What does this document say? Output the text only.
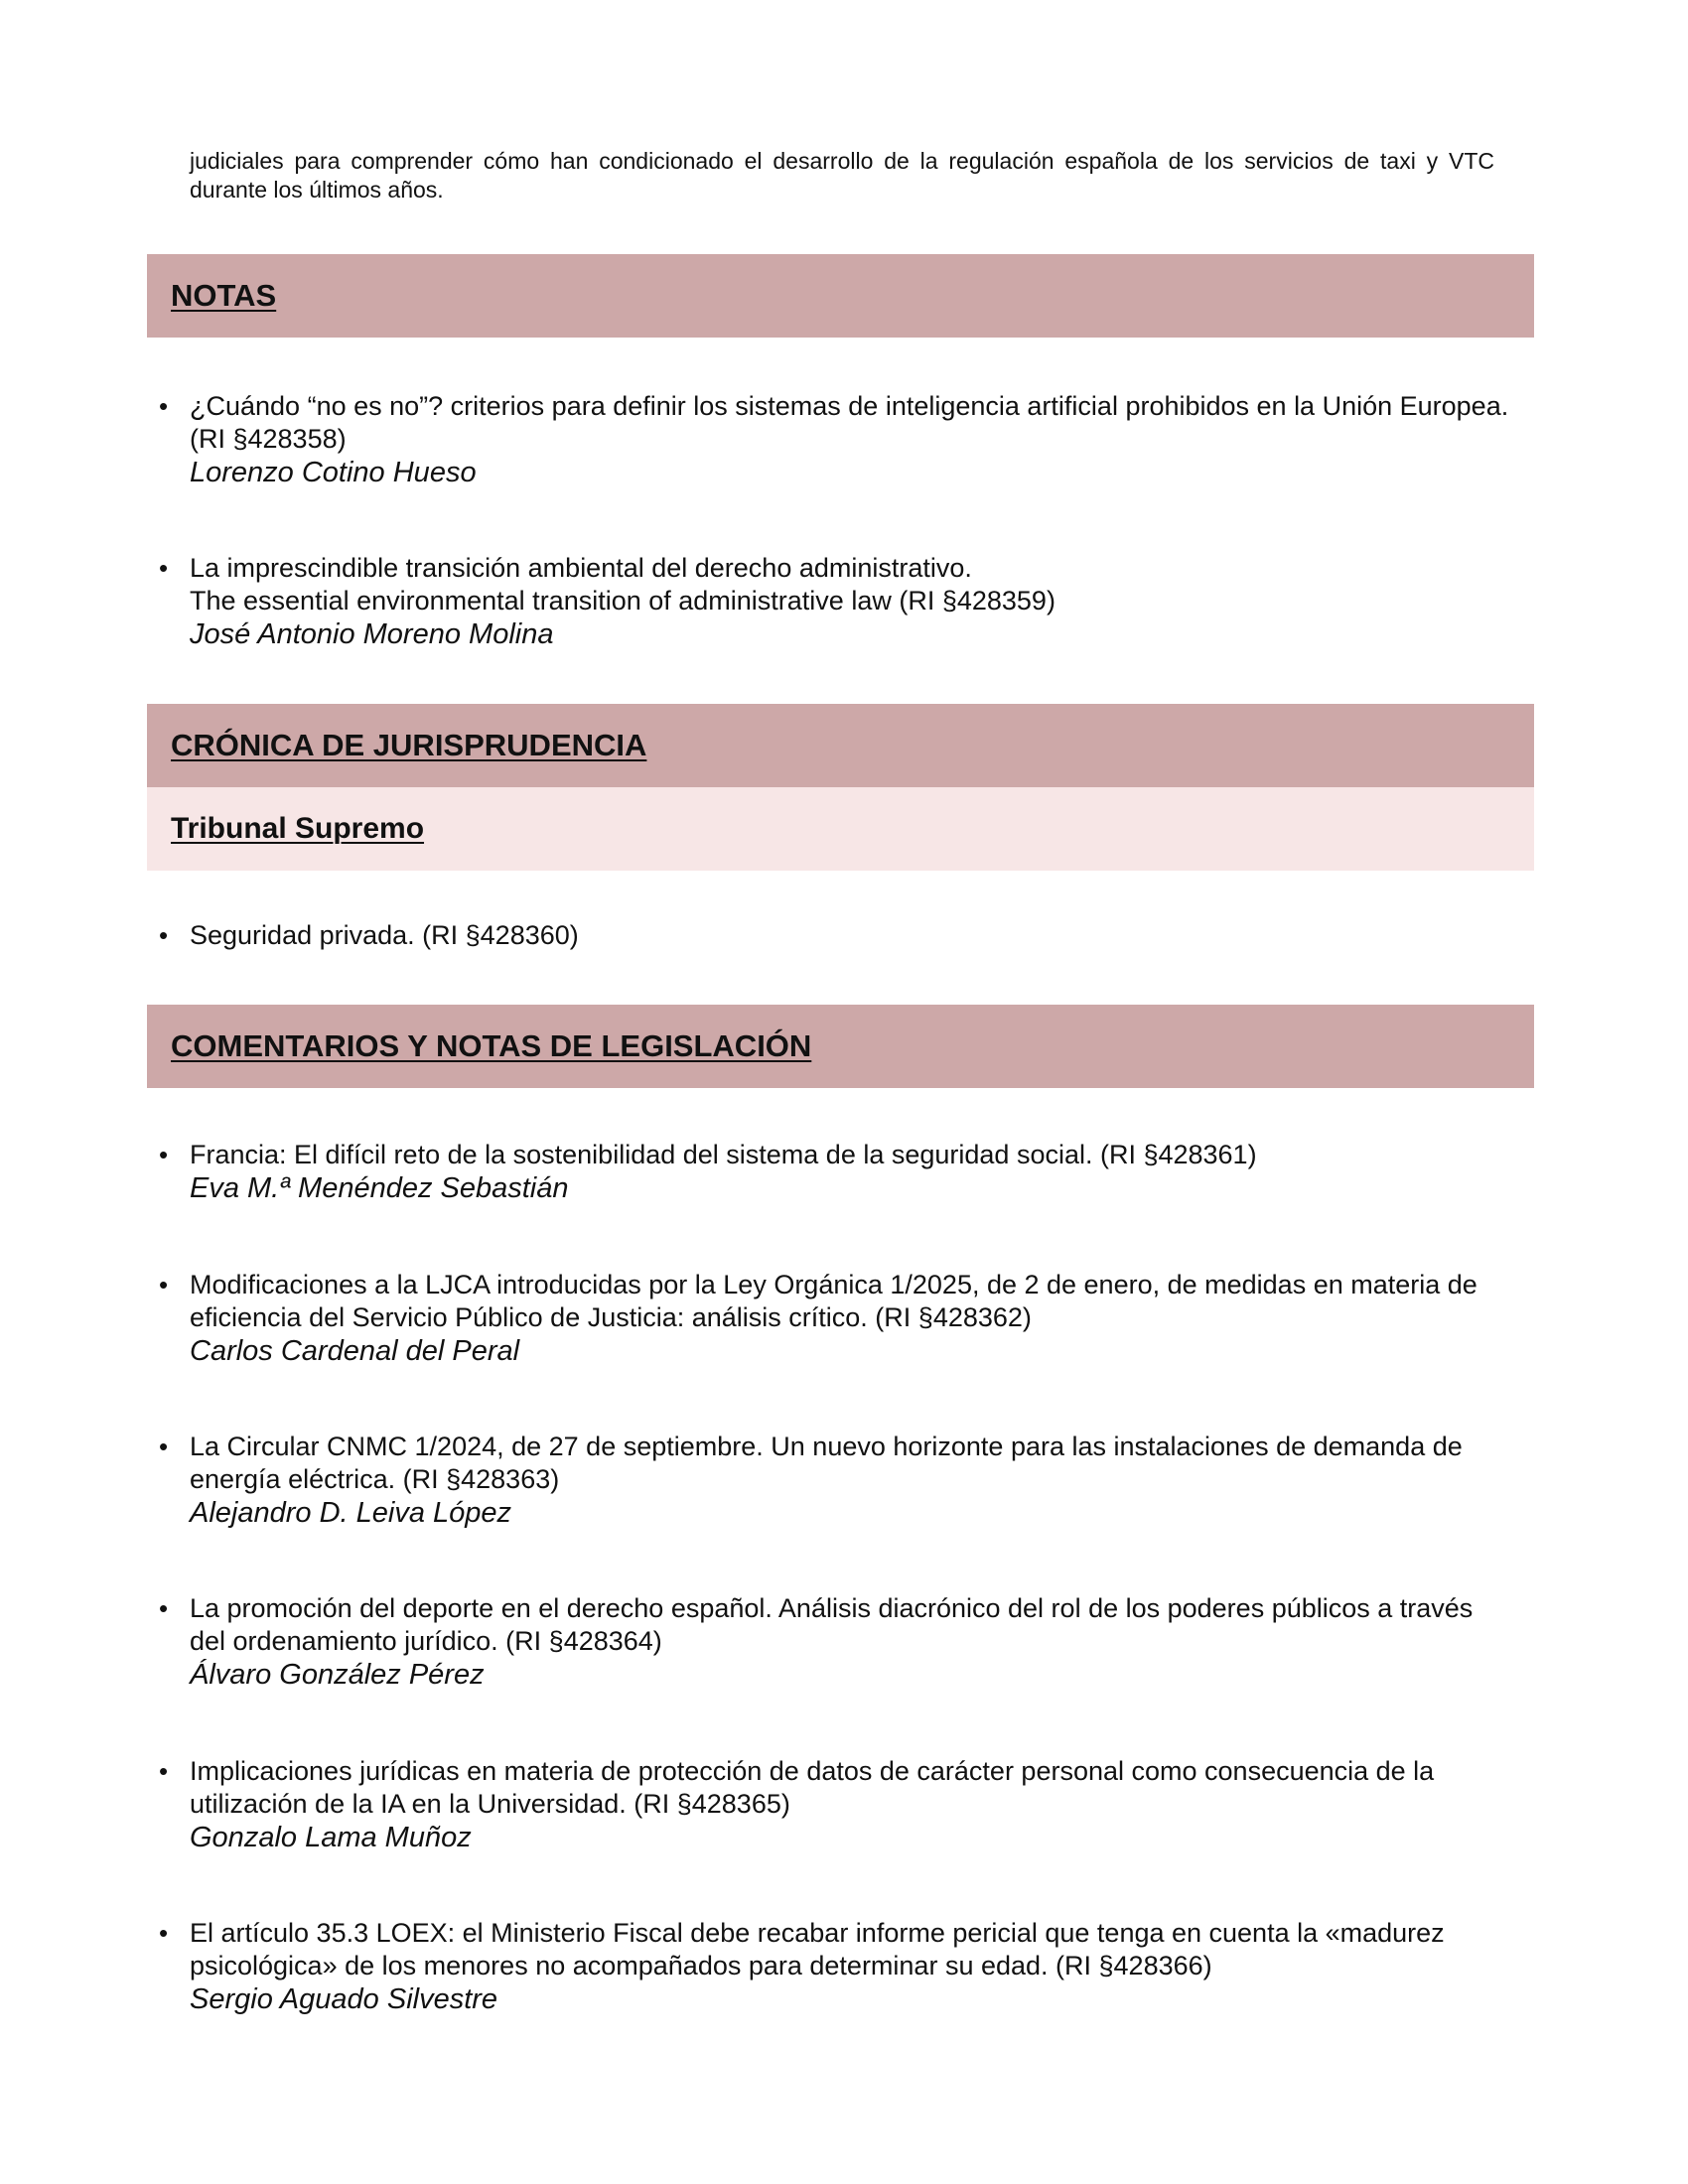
judiciales para comprender cómo han condicionado el desarrollo de la regulación española de los servicios de taxi y VTC durante los últimos años.

NOTAS
• ¿Cuándo “no es no”? criterios para definir los sistemas de inteligencia artificial prohibidos en la Unión Europea. (RI §428358)
Lorenzo Cotino Hueso
• La imprescindible transición ambiental del derecho administrativo.
The essential environmental transition of administrative law (RI §428359)
José Antonio Moreno Molina
CRÓNICA DE JURISPRUDENCIA
Tribunal Supremo
• Seguridad privada. (RI §428360)
COMENTARIOS Y NOTAS DE LEGISLACIÓN
• Francia: El difícil reto de la sostenibilidad del sistema de la seguridad social. (RI §428361)
Eva M.ª Menéndez Sebastián
• Modificaciones a la LJCA introducidas por la Ley Orgánica 1/2025, de 2 de enero, de medidas en materia de eficiencia del Servicio Público de Justicia: análisis crítico. (RI §428362)
Carlos Cardenal del Peral
• La Circular CNMC 1/2024, de 27 de septiembre. Un nuevo horizonte para las instalaciones de demanda de energía eléctrica. (RI §428363)
Alejandro D. Leiva López
• La promoción del deporte en el derecho español. Análisis diacrónico del rol de los poderes públicos a través del ordenamiento jurídico. (RI §428364)
Álvaro González Pérez
• Implicaciones jurídicas en materia de protección de datos de carácter personal como consecuencia de la utilización de la IA en la Universidad. (RI §428365)
Gonzalo Lama Muñoz
• El artículo 35.3 LOEX: el Ministerio Fiscal debe recabar informe pericial que tenga en cuenta la «madurez psicológica» de los menores no acompañados para determinar su edad. (RI §428366)
Sergio Aguado Silvestre
